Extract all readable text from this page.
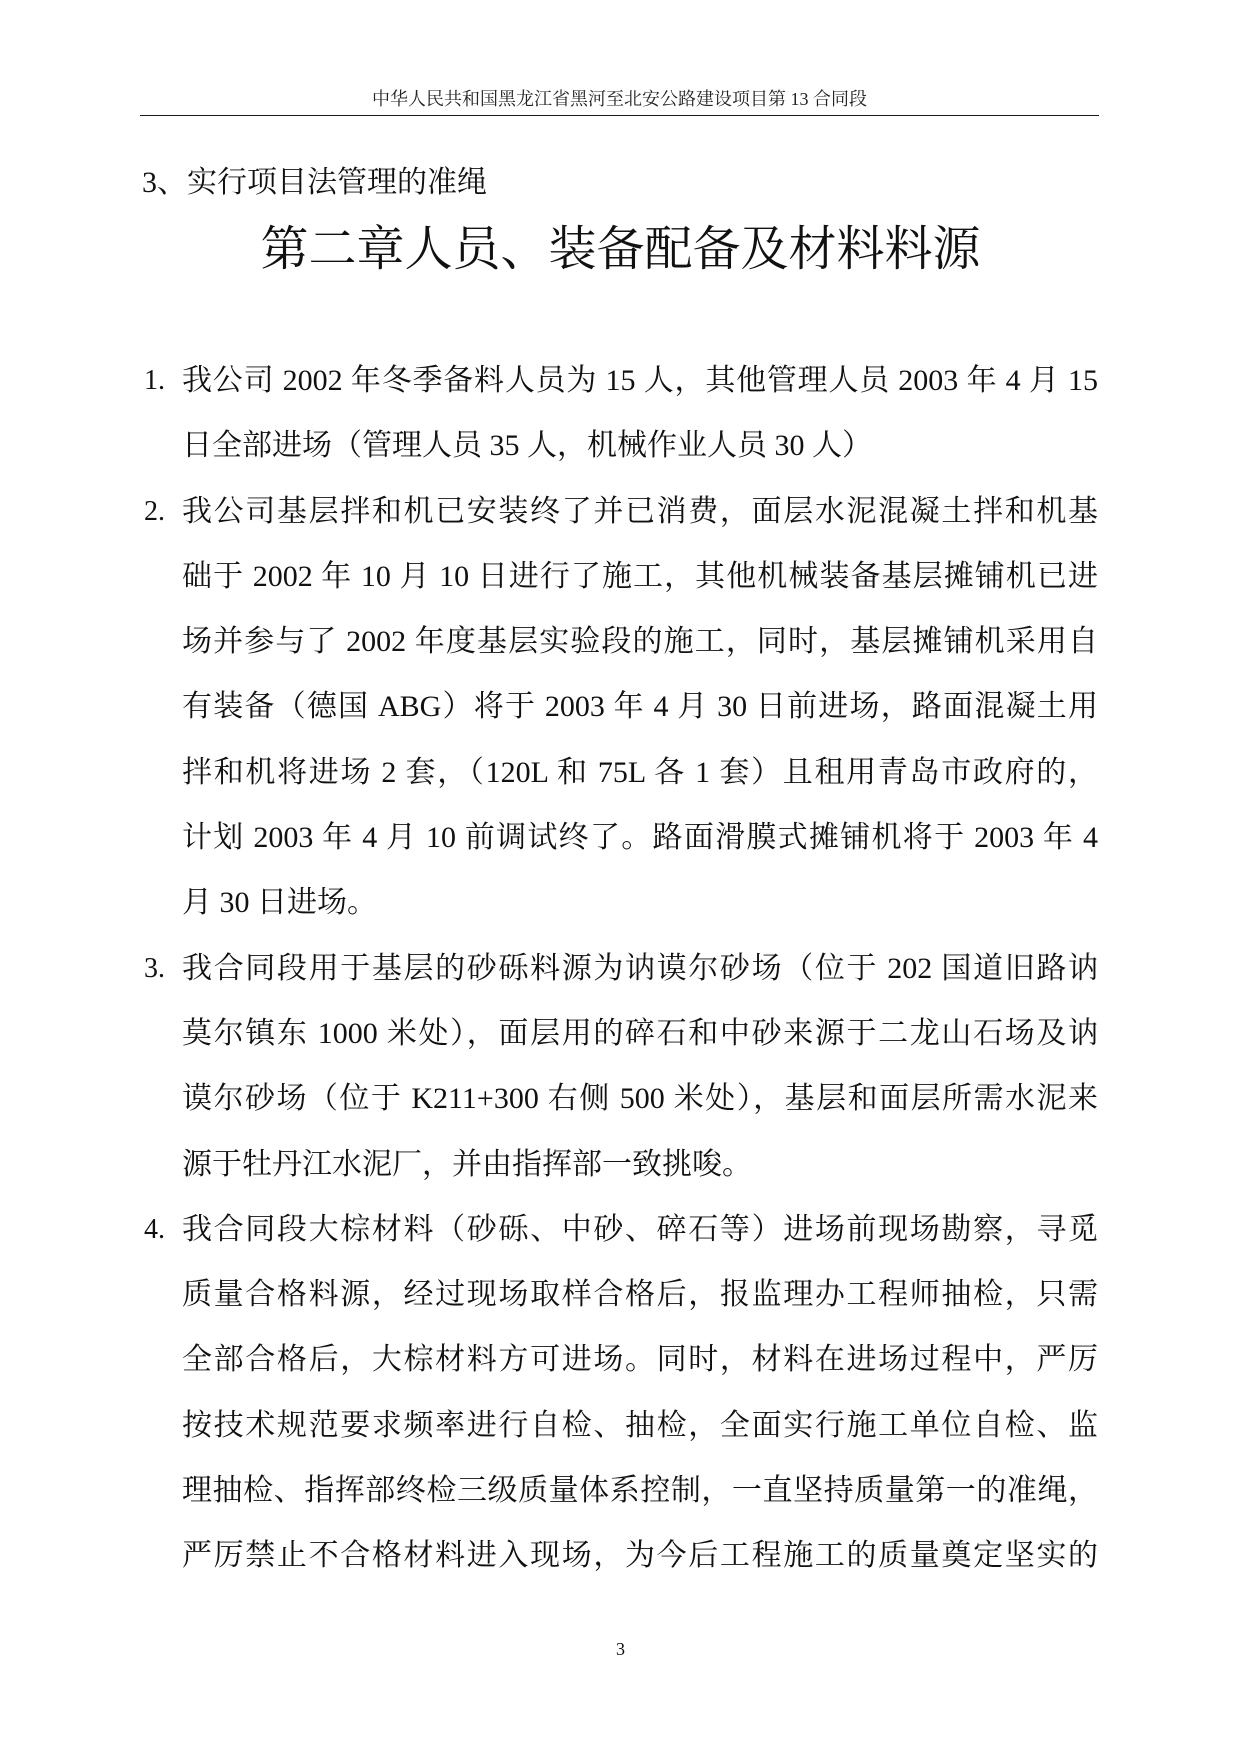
中华人民共和国黑龙江省黑河至北安公路建设项目第 13 合同段
3、实行项目法管理的准绳
第二章人员、装备配备及材料料源
1. 我公司 2002 年冬季备料人员为 15 人，其他管理人员 2003 年 4 月 15
日全部进场（管理人员 35 人，机械作业人员 30 人）
2. 我公司基层拌和机已安装终了并已消费，面层水泥混凝土拌和机基
础于 2002 年 10 月 10 日进行了施工，其他机械装备基层摊铺机已进
场并参与了 2002 年度基层实验段的施工，同时，基层摊铺机采用自
有装备（德国 ABG）将于 2003 年 4 月 30 日前进场，路面混凝土用
拌和机将进场 2 套，（120L 和 75L 各 1 套）且租用青岛市政府的，
计划 2003 年 4 月 10 前调试终了。路面滑膜式摊铺机将于 2003 年 4
月 30 日进场。
3. 我合同段用于基层的砂砾料源为讷谟尔砂场（位于 202 国道旧路讷
莫尔镇东 1000 米处），面层用的碎石和中砂来源于二龙山石场及讷
谟尔砂场（位于 K211+300 右侧 500 米处），基层和面层所需水泥来
源于牡丹江水泥厂，并由指挥部一致挑唆。
4. 我合同段大棕材料（砂砾、中砂、碎石等）进场前现场勘察，寻觅
质量合格料源，经过现场取样合格后，报监理办工程师抽检，只需
全部合格后，大棕材料方可进场。同时，材料在进场过程中，严厉
按技术规范要求频率进行自检、抽检，全面实行施工单位自检、监
理抽检、指挥部终检三级质量体系控制，一直坚持质量第一的准绳，
严厉禁止不合格材料进入现场，为今后工程施工的质量奠定坚实的
3
